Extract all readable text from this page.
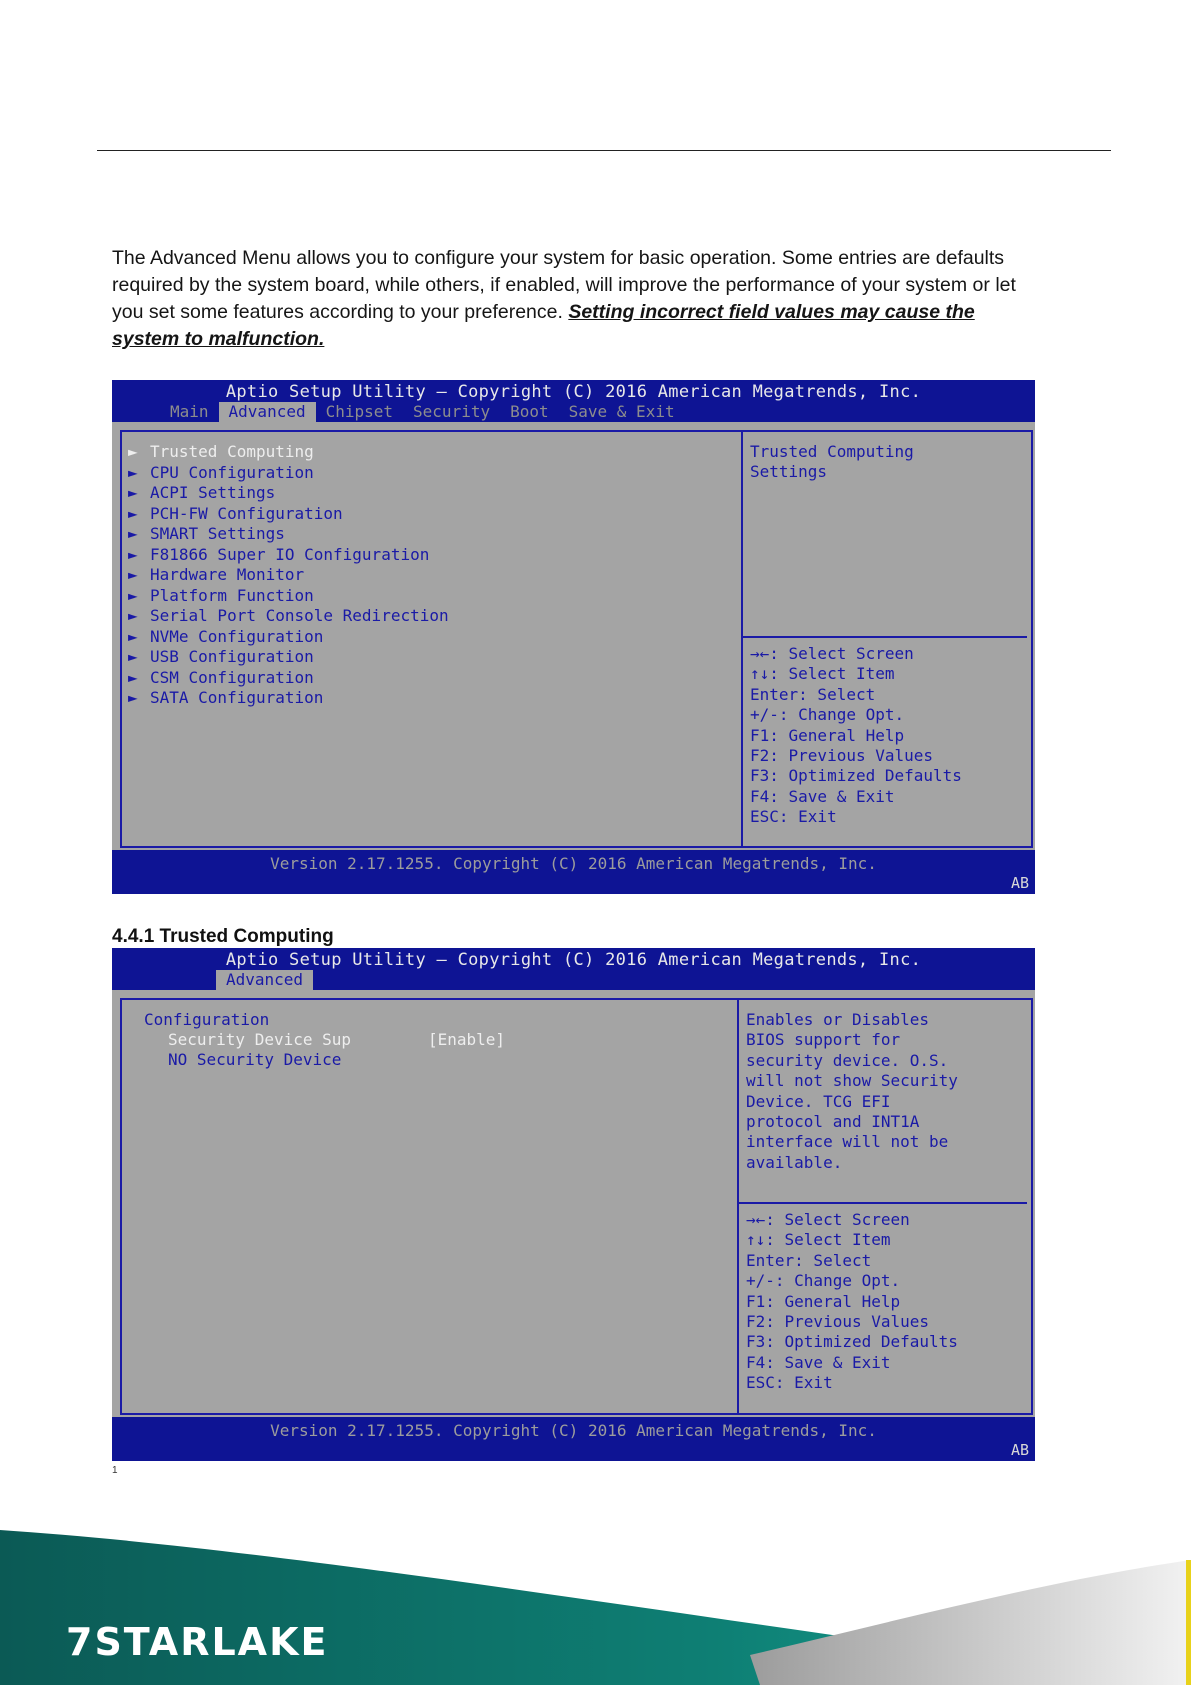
The Advanced Menu allows you to configure your system for basic operation. Some entries are defaults required by the system board, while others, if enabled, will improve the performance of your system or let you set some features according to your preference. Setting incorrect field values may cause the system to malfunction.
Aptio Setup Utility – Copyright (C) 2016 American Megatrends, Inc.
Main	Advanced	Chipset	Security	Boot	Save & Exit
► Trusted Computing
► CPU Configuration
► ACPI Settings
► PCH-FW Configuration
► SMART Settings
► F81866 Super IO Configuration
► Hardware Monitor
► Platform Function
► Serial Port Console Redirection
► NVMe Configuration
► USB Configuration
► CSM Configuration
► SATA Configuration
Trusted Computing
Settings
→←: Select Screen
↑↓: Select Item
Enter: Select
+/-: Change Opt.
F1: General Help
F2: Previous Values
F3: Optimized Defaults
F4: Save & Exit
ESC: Exit
Version 2.17.1255. Copyright (C) 2016 American Megatrends, Inc.
AB
4.4.1 Trusted Computing
Aptio Setup Utility – Copyright (C) 2016 American Megatrends, Inc.
Advanced
Configuration
Security Device Sup	[Enable]
NO Security Device
Enables or Disables
BIOS support for
security device. O.S.
will not show Security
Device. TCG EFI
protocol and INT1A
interface will not be
available.
→←: Select Screen
↑↓: Select Item
Enter: Select
+/-: Change Opt.
F1: General Help
F2: Previous Values
F3: Optimized Defaults
F4: Save & Exit
ESC: Exit
Version 2.17.1255. Copyright (C) 2016 American Megatrends, Inc.
AB
1
7STARLAKE
